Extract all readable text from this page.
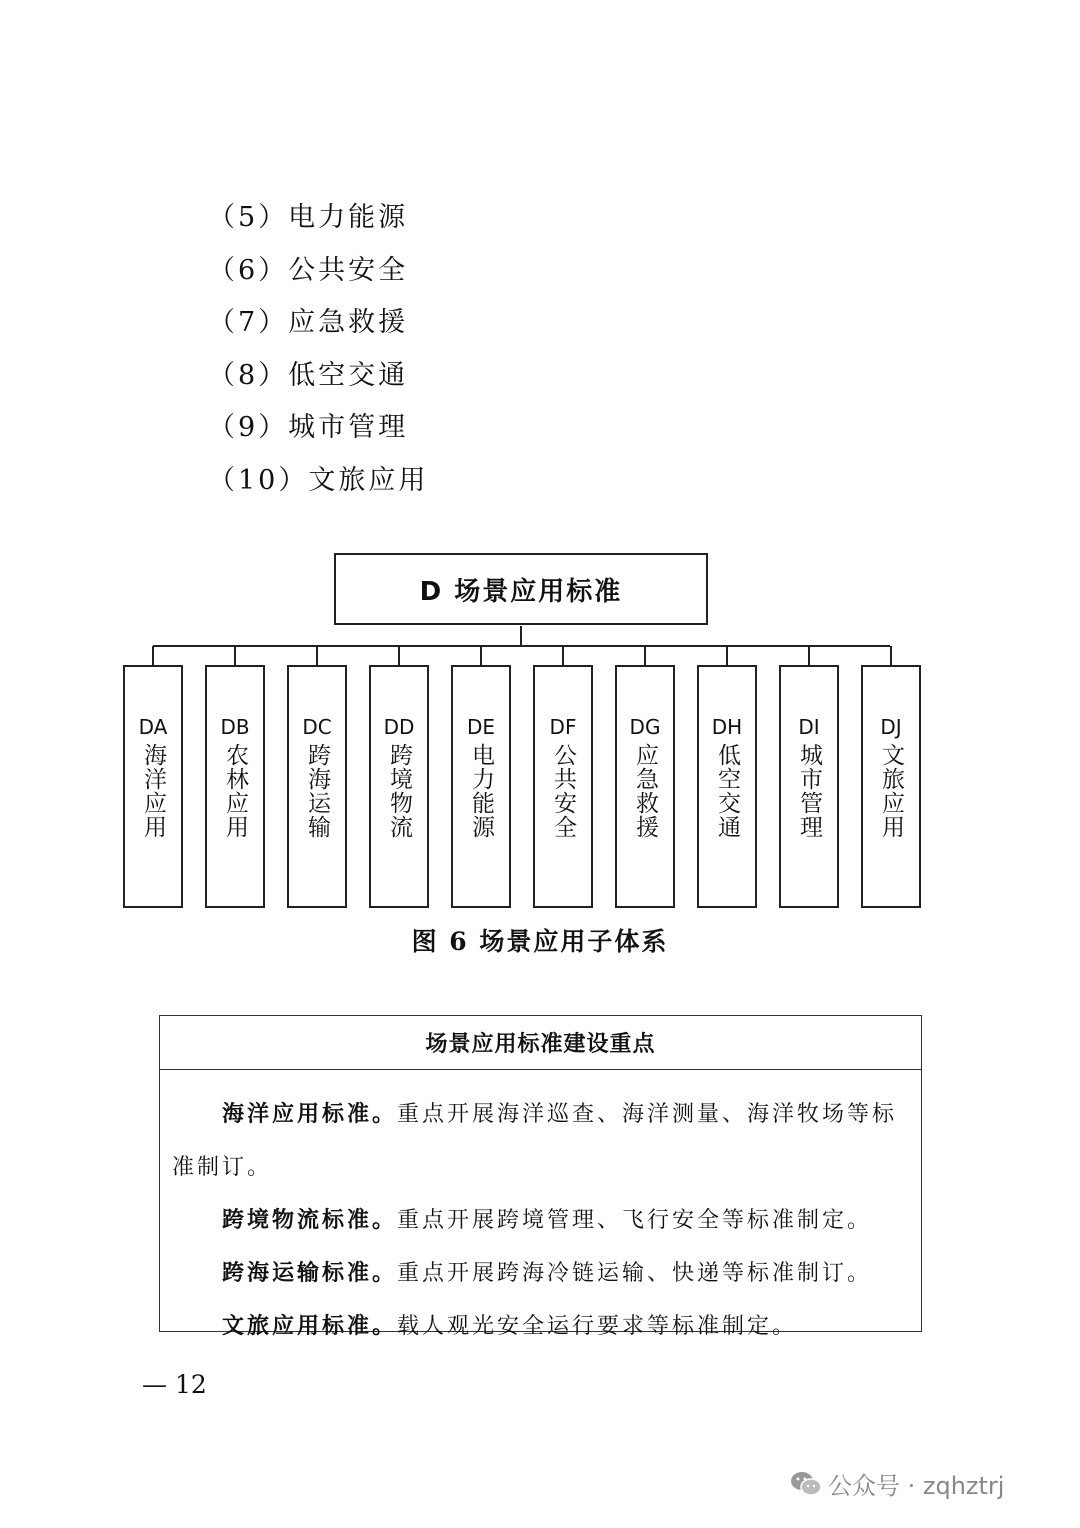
（5）电力能源
（6）公共安全
（7）应急救援
（8）低空交通
（9）城市管理
（10）文旅应用
D 场景应用标准
DA
海洋应用
DB
农林应用
DC
跨海运输
DD
跨境物流
DE
电力能源
DF
公共安全
DG
应急救援
DH
低空交通
DI
城市管理
DJ
文旅应用
图 6 场景应用子体系
场景应用标准建设重点

海洋应用标准。重点开展海洋巡查、海洋测量、海洋牧场等标准制订。

跨境物流标准。重点开展跨境管理、飞行安全等标准制定。

跨海运输标准。重点开展跨海冷链运输、快递等标准制订。

文旅应用标准。载人观光安全运行要求等标准制定。

— 12
公众号 · zqhztrj
